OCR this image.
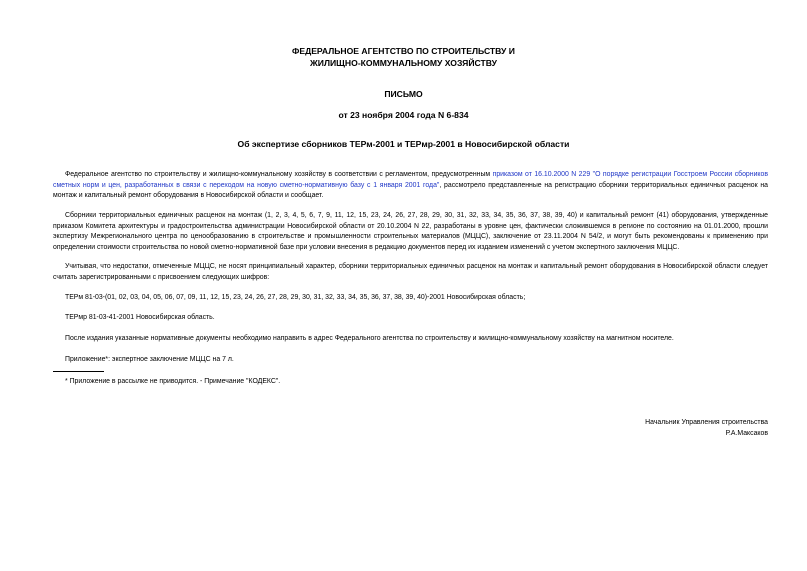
ФЕДЕРАЛЬНОЕ АГЕНТСТВО ПО СТРОИТЕЛЬСТВУ И
ЖИЛИЩНО-КОММУНАЛЬНОМУ ХОЗЯЙСТВУ
ПИСЬМО
от 23 ноября 2004 года N 6-834
Об экспертизе сборников ТЕРм-2001 и ТЕРмр-2001 в Новосибирской области

Федеральное агентство по строительству и жилищно-коммунальному хозяйству в соответствии с регламентом, предусмотренным приказом от 16.10.2000 N 229 "О порядке регистрации Госстроем России сборников сметных норм и цен, разработанных в связи с переходом на новую сметно-нормативную базу с 1 января 2001 года", рассмотрело представленные на регистрацию сборники территориальных единичных расценок на монтаж и капитальный ремонт оборудования в Новосибирской области и сообщает.

Сборники территориальных единичных расценок на монтаж (1, 2, 3, 4, 5, 6, 7, 9, 11, 12, 15, 23, 24, 26, 27, 28, 29, 30, 31, 32, 33, 34, 35, 36, 37, 38, 39, 40) и капитальный ремонт (41) оборудования, утвержденные приказом Комитета архитектуры и градостроительства администрации Новосибирской области от 20.10.2004 N 22, разработаны в уровне цен, фактически сложившемся в регионе по состоянию на 01.01.2000, прошли экспертизу Межрегионального центра по ценообразованию в строительстве и промышленности строительных материалов (МЦЦС), заключение от 23.11.2004 N 54/2, и могут быть рекомендованы к применению при определении стоимости строительства по новой сметно-нормативной базе при условии внесения в редакцию документов перед их изданием изменений с учетом экспертного заключения МЦЦС.

Учитывая, что недостатки, отмеченные МЦЦС, не носят принципиальный характер, сборники территориальных единичных расценок на монтаж и капитальный ремонт оборудования в Новосибирской области следует считать зарегистрированными с присвоением следующих шифров:

ТЕРм 81-03-(01, 02, 03, 04, 05, 06, 07, 09, 11, 12, 15, 23, 24, 26, 27, 28, 29, 30, 31, 32, 33, 34, 35, 36, 37, 38, 39, 40)-2001 Новосибирская область;

ТЕРмр 81-03-41-2001 Новосибирская область.

После издания указанные нормативные документы необходимо направить в адрес Федерального агентства по строительству и жилищно-коммунальному хозяйству на магнитном носителе.

Приложение*: экспертное заключение МЦЦС на 7 л.

* Приложение в рассылке не приводится. - Примечание "КОДЕКС".
Начальник Управления строительства
Р.А.Максаков
